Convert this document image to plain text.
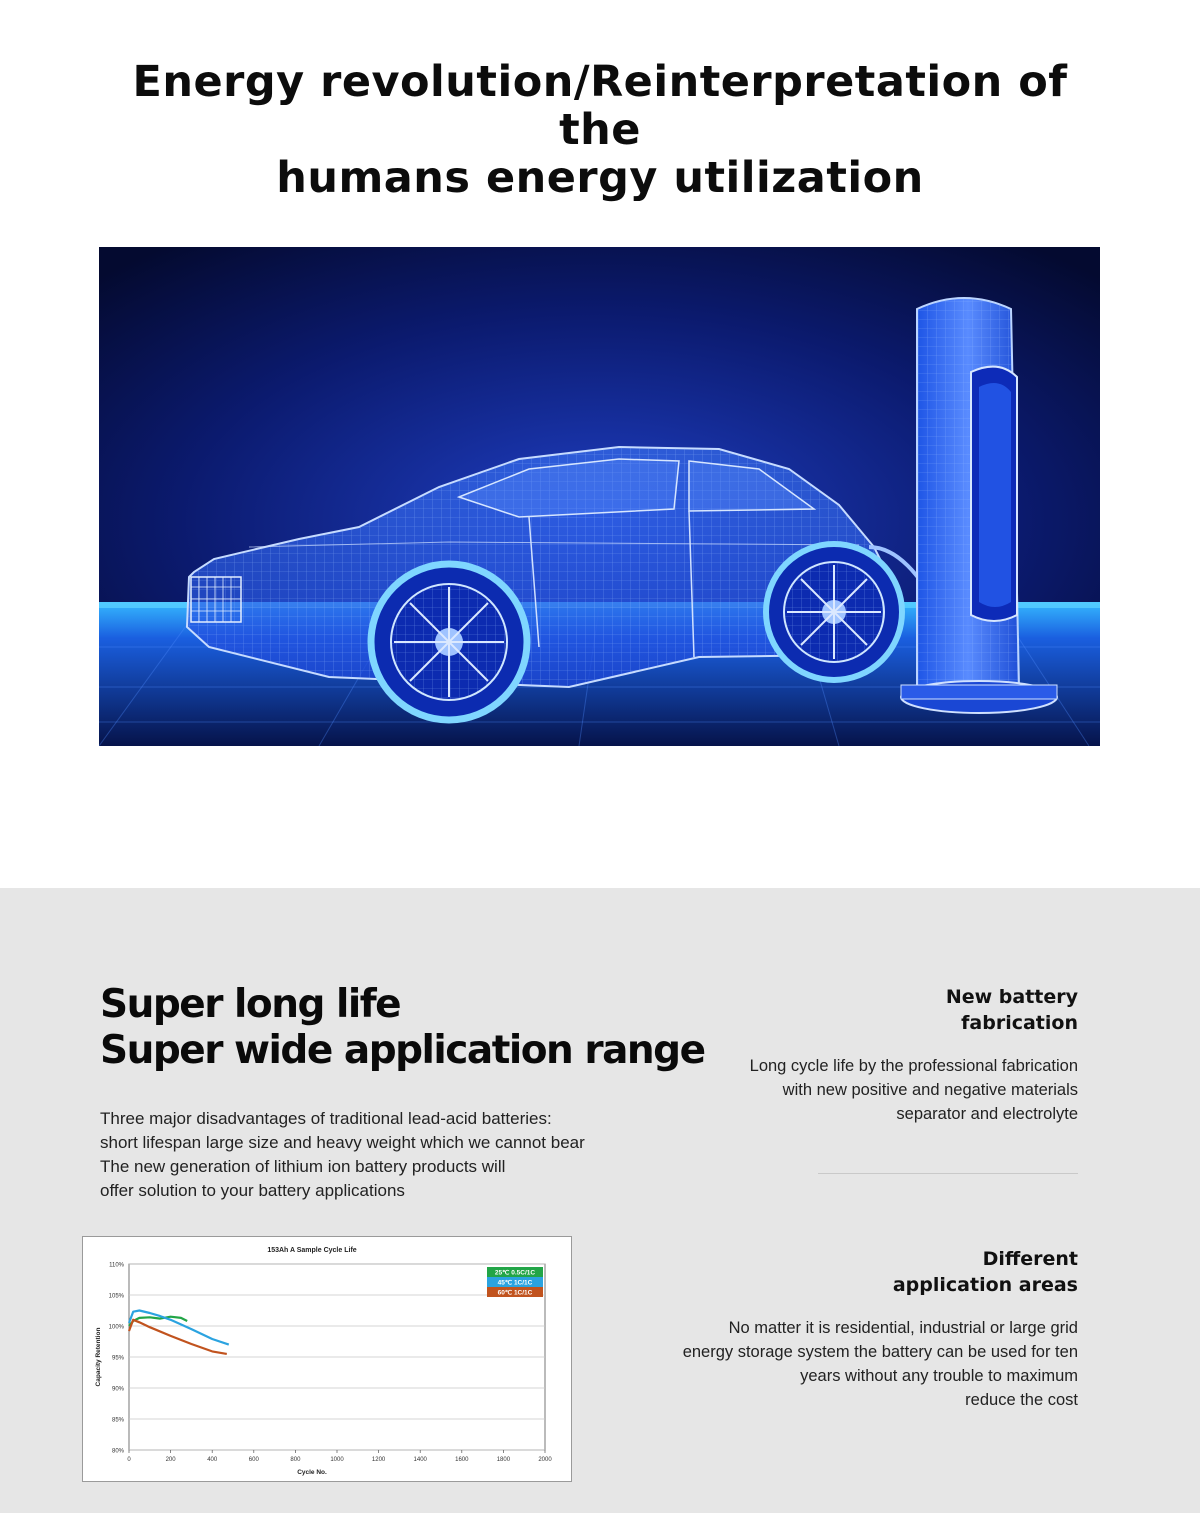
Energy revolution/Reinterpretation of the
humans energy utilization
Super long life
Super wide application range
Three major disadvantages of traditional lead-acid batteries:
short lifespan large size and heavy weight which we cannot bear
The new generation of lithium ion battery products will
offer solution to your battery applications
80%
85%
90%
95%
100%
105%
110%
0	200	400	600	800	1000	1200	1400	1600	1800	2000
153Ah A Sample Cycle Life
Cycle No.
Capacity Retention
25℃ 0.5C/1C
45℃ 1C/1C
60℃ 1C/1C
New battery
fabrication

Long cycle life by the professional fabrication
with new positive and negative materials
separator and electrolyte

Different
application areas

No matter it is residential, industrial or large grid
energy storage system the battery can be used for ten
years without any trouble to maximum
reduce the cost
